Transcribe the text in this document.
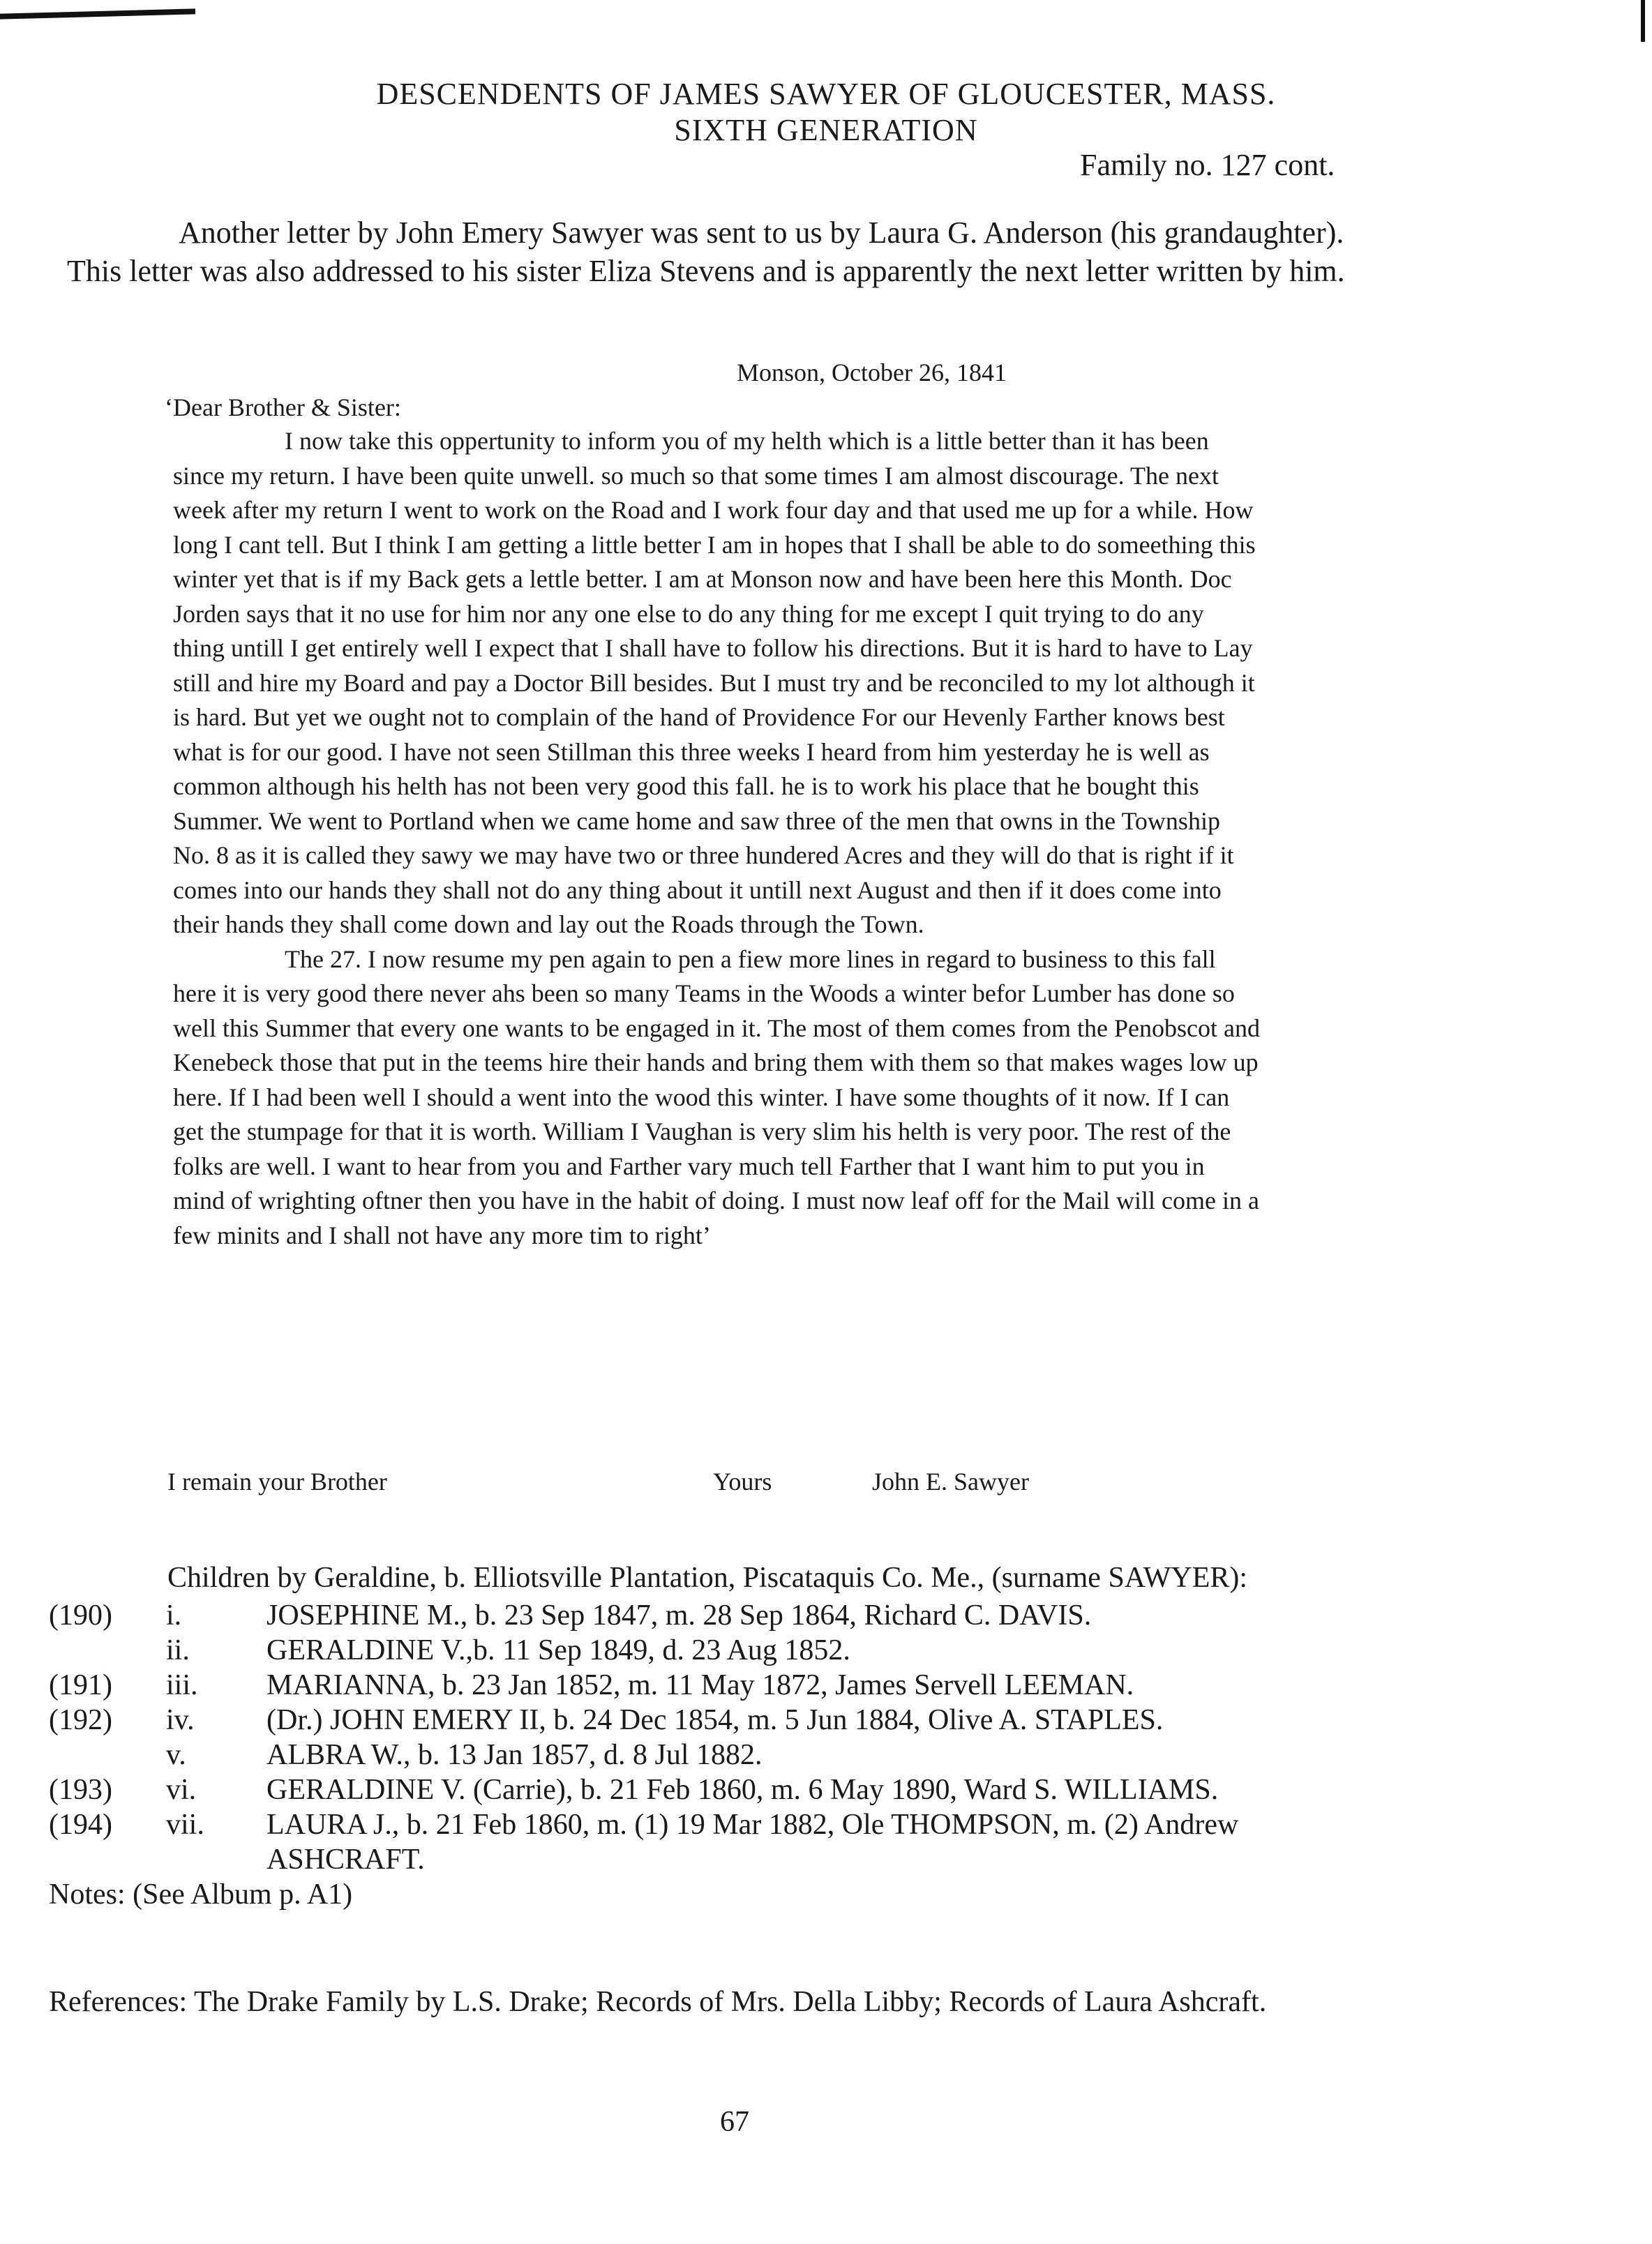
DESCENDENTS OF JAMES SAWYER OF GLOUCESTER, MASS.
SIXTH GENERATION
Family no. 127 cont.

Another letter by John Emery Sawyer was sent to us by Laura G. Anderson (his grandaughter). This letter was also addressed to his sister Eliza Stevens and is apparently the next letter written by him.

Monson, October 26, 1841
‘Dear Brother & Sister:

I now take this oppertunity to inform you of my helth which is a little better than it has been since my return. I have been quite unwell. so much so that some times I am almost discourage. The next week after my return I went to work on the Road and I work four day and that used me up for a while. How long I cant tell. But I think I am getting a little better I am in hopes that I shall be able to do someething this winter yet that is if my Back gets a lettle better. I am at Monson now and have been here this Month. Doc Jorden says that it no use for him nor any one else to do any thing for me except I quit trying to do any thing untill I get entirely well I expect that I shall have to follow his directions. But it is hard to have to Lay still and hire my Board and pay a Doctor Bill besides. But I must try and be reconciled to my lot although it is hard. But yet we ought not to complain of the hand of Providence For our Hevenly Farther knows best what is for our good. I have not seen Stillman this three weeks I heard from him yesterday he is well as common although his helth has not been very good this fall. he is to work his place that he bought this Summer. We went to Portland when we came home and saw three of the men that owns in the Township No. 8 as it is called they sawy we may have two or three hundered Acres and they will do that is right if it comes into our hands they shall not do any thing about it untill next August and then if it does come into their hands they shall come down and lay out the Roads through the Town.

The 27. I now resume my pen again to pen a fiew more lines in regard to business to this fall here it is very good there never ahs been so many Teams in the Woods a winter befor Lumber has done so well this Summer that every one wants to be engaged in it. The most of them comes from the Penobscot and Kenebeck those that put in the teems hire their hands and bring them with them so that makes wages low up here. If I had been well I should a went into the wood this winter. I have some thoughts of it now. If I can get the stumpage for that it is worth. William I Vaughan is very slim his helth is very poor. The rest of the folks are well. I want to hear from you and Farther vary much tell Farther that I want him to put you in mind of wrighting oftner then you have in the habit of doing. I must now leaf off for the Mail will come in a few minits and I shall not have any more tim to right’

I remain your Brother	Yours	John E. Sawyer
Children by Geraldine, b. Elliotsville Plantation, Piscataquis Co. Me., (surname SAWYER):
(190) i.	JOSEPHINE M., b. 23 Sep 1847, m. 28 Sep 1864, Richard C. DAVIS.
ii.	GERALDINE V.,b. 11 Sep 1849, d. 23 Aug 1852.
(191) iii. MARIANNA, b. 23 Jan 1852, m. 11 May 1872, James Servell LEEMAN.
(192) iv. (Dr.) JOHN EMERY II, b. 24 Dec 1854, m. 5 Jun 1884, Olive A. STAPLES.
v.	ALBRA W., b. 13 Jan 1857, d. 8 Jul 1882.
(193) vi. GERALDINE V. (Carrie), b. 21 Feb 1860, m. 6 May 1890, Ward S. WILLIAMS.
(194) vii. LAURA J., b. 21 Feb 1860, m. (1) 19 Mar 1882, Ole THOMPSON, m. (2) Andrew
ASHCRAFT.
Notes: (See Album p. A1)
References: The Drake Family by L.S. Drake; Records of Mrs. Della Libby; Records of Laura Ashcraft.
67
